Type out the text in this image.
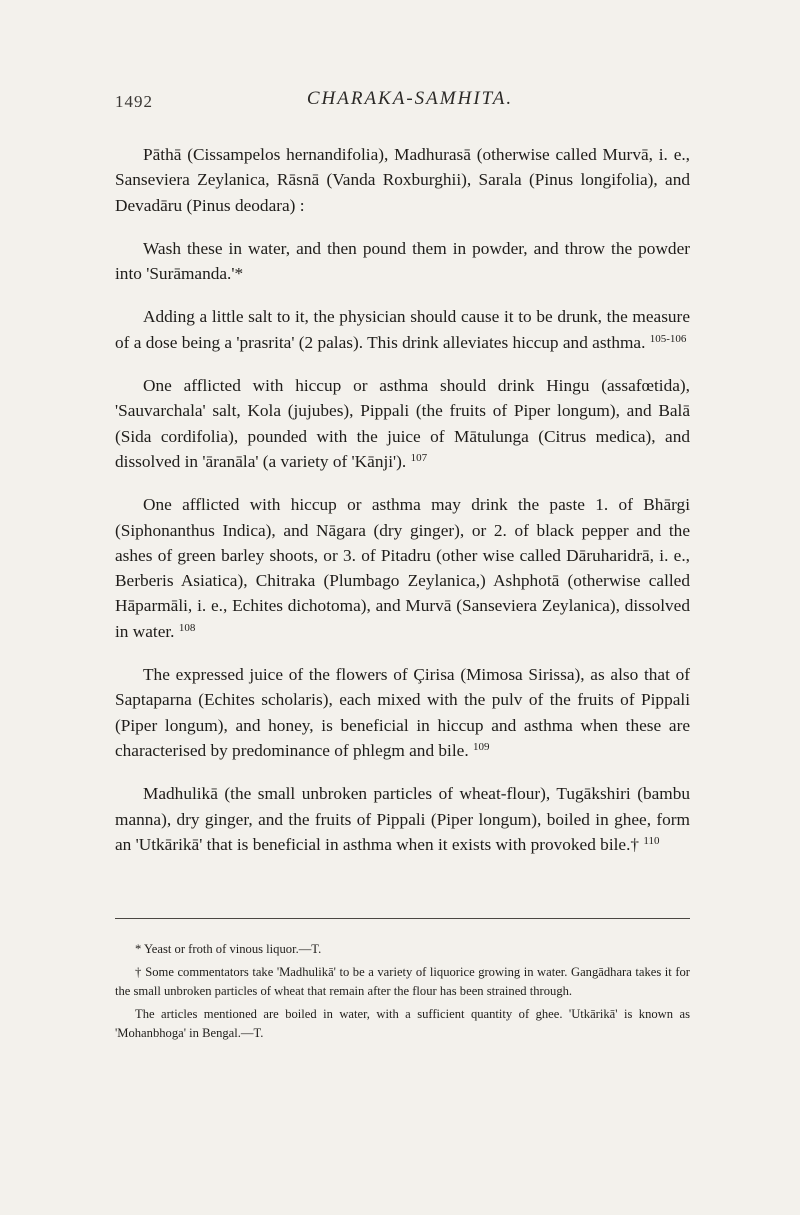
1492	CHARAKA-SAMHITA.

Pāthā (Cissampelos hernandifolia), Madhurasā (otherwise called Murvā, i. e., Sanseviera Zeylanica, Rāsnā (Vanda Roxburghii), Sarala (Pinus longifolia), and Devadāru (Pinus deodara) :

Wash these in water, and then pound them in powder, and throw the powder into 'Surāmanda.'*

Adding a little salt to it, the physician should cause it to be drunk, the measure of a dose being a 'prasrita' (2 palas). This drink alleviates hiccup and asthma. $^{105-106}$

One afflicted with hiccup or asthma should drink Hingu (assafœtida), 'Sauvarchala' salt, Kola (jujubes), Pippali (the fruits of Piper longum), and Balā (Sida cordifolia), pounded with the juice of Mātulunga (Citrus medica), and dissolved in 'āranāla' (a variety of 'Kānji'). $^{107}$

One afflicted with hiccup or asthma may drink the paste 1. of Bhārgi (Siphonanthus Indica), and Nāgara (dry ginger), or 2. of black pepper and the ashes of green barley shoots, or 3. of Pitadru (other wise called Dāruharidrā, i. e., Berberis Asiatica), Chitraka (Plumbago Zeylanica,) Ashphotā (otherwise called Hāparmāli, i. e., Echites dichotoma), and Murvā (Sanseviera Zeylanica), dissolved in water. $^{108}$

The expressed juice of the flowers of Çirisa (Mimosa Sirissa), as also that of Saptaparna (Echites scholaris), each mixed with the pulv of the fruits of Pippali (Piper longum), and honey, is beneficial in hiccup and asthma when these are characterised by predominance of phlegm and bile. $^{109}$

Madhulikā (the small unbroken particles of wheat-flour), Tugākshiri (bambu manna), dry ginger, and the fruits of Pippali (Piper longum), boiled in ghee, form an 'Utkārikā' that is beneficial in asthma when it exists with provoked bile.† $^{110}$

* Yeast or froth of vinous liquor.—T.

† Some commentators take 'Madhulikā' to be a variety of liquorice growing in water. Gangādhara takes it for the small unbroken particles of wheat that remain after the flour has been strained through.

The articles mentioned are boiled in water, with a sufficient quantity of ghee. 'Utkārikā' is known as 'Mohanbhoga' in Bengal.—T.
